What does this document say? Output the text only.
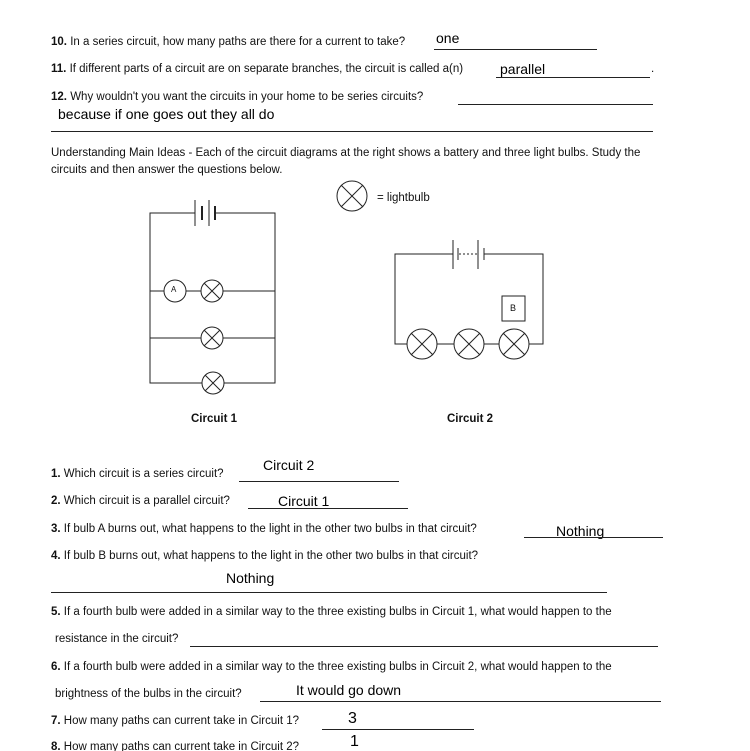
10. In a series circuit, how many paths are there for a current to take? one
11. If different parts of a circuit are on separate branches, the circuit is called a(n)	parallel	.
12. Why wouldn't you want the circuits in your home to be series circuits?
because if one goes out they all do
Understanding Main Ideas - Each of the circuit diagrams at the right shows a battery and three light bulbs. Study the
circuits and then answer the questions below.
= lightbulb
A
B
Circuit 1	Circuit 2
1. Which circuit is a series circuit?
Circuit 2
2. Which circuit is a parallel circuit?	Circuit 1
3. If bulb A burns out, what happens to the light in the other two bulbs in that circuit?	Nothing
4. If bulb B burns out, what happens to the light in the other two bulbs in that circuit?
Nothing
5. If a fourth bulb were added in a similar way to the three existing bulbs in Circuit 1, what would happen to the
resistance in the circuit?
6. If a fourth bulb were added in a similar way to the three existing bulbs in Circuit 2, what would happen to the
brightness of the bulbs in the circuit?	It would go down
7. How many paths can current take in Circuit 1?	3
8. How many paths can current take in Circuit 2?	1
